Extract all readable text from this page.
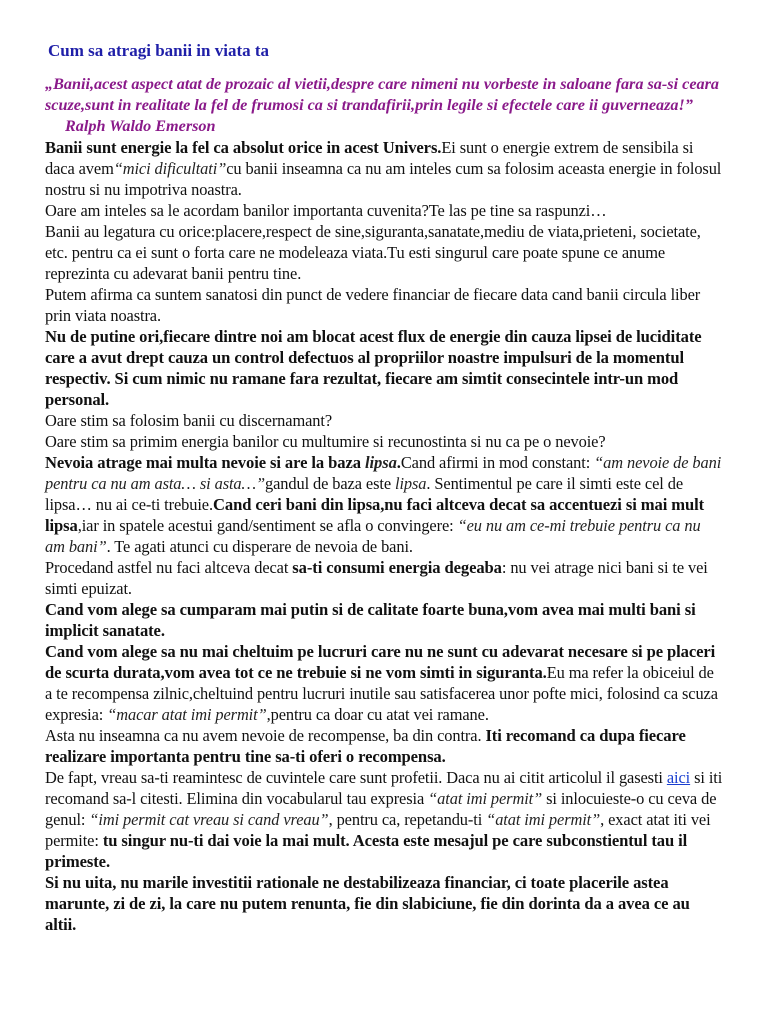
Cum sa atragi banii in viata ta

„Banii,acest aspect atat de prozaic al vietii,despre care nimeni nu vorbeste in saloane fara sa-si ceara scuze,sunt in realitate la fel de frumosi ca si trandafirii,prin legile si efectele care ii guverneaza!”

Ralph Waldo Emerson

Banii sunt energie la fel ca absolut orice in acest Univers.Ei sunt o energie extrem de sensibila si daca avem“mici dificultati”cu banii inseamna ca nu am inteles cum sa folosim aceasta energie in folosul nostru si nu impotriva noastra.

Oare am inteles sa le acordam banilor importanta cuvenita?Te las pe tine sa raspunzi…

Banii au legatura cu orice:placere,respect de sine,siguranta,sanatate,mediu de viata,prieteni, societate, etc. pentru ca ei sunt o forta care ne modeleaza viata.Tu esti singurul care poate spune ce anume reprezinta cu adevarat banii pentru tine.

Putem afirma ca suntem sanatosi din punct de vedere financiar de fiecare data cand banii circula liber prin viata noastra.

Nu de putine ori,fiecare dintre noi am blocat acest flux de energie din cauza lipsei de luciditate care a avut drept cauza un control defectuos al propriilor noastre impulsuri de la momentul respectiv. Si cum nimic nu ramane fara rezultat, fiecare am simtit consecintele intr-un mod personal.

Oare stim sa folosim banii cu discernamant?

Oare stim sa primim energia banilor cu multumire si recunostinta si nu ca pe o nevoie?

Nevoia atrage mai multa nevoie si are la baza lipsa.Cand afirmi in mod constant: “am nevoie de bani pentru ca nu am asta… si asta…”gandul de baza este lipsa. Sentimentul pe care il simti este cel de lipsa… nu ai ce-ti trebuie.Cand ceri bani din lipsa,nu faci altceva decat sa accentuezi si mai mult lipsa,iar in spatele acestui gand/sentiment se afla o convingere: “eu nu am ce-mi trebuie pentru ca nu am bani”. Te agati atunci cu disperare de nevoia de bani.

Procedand astfel nu faci altceva decat sa-ti consumi energia degeaba: nu vei atrage nici bani si te vei simti epuizat.

Cand vom alege sa cumparam mai putin si de calitate foarte buna,vom avea mai multi bani si implicit sanatate.

Cand vom alege sa nu mai cheltuim pe lucruri care nu ne sunt cu adevarat necesare si pe placeri de scurta durata,vom avea tot ce ne trebuie si ne vom simti in siguranta.Eu ma refer la obiceiul de a te recompensa zilnic,cheltuind pentru lucruri inutile sau satisfacerea unor pofte mici, folosind ca scuza expresia: “macar atat imi permit”,pentru ca doar cu atat vei ramane.

Asta nu inseamna ca nu avem nevoie de recompense, ba din contra. Iti recomand ca dupa fiecare realizare importanta pentru tine sa-ti oferi o recompensa.

De fapt, vreau sa-ti reamintesc de cuvintele care sunt profetii. Daca nu ai citit articolul il gasesti aici si iti recomand sa-l citesti. Elimina din vocabularul tau expresia “atat imi permit” si inlocuieste-o cu ceva de genul: “imi permit cat vreau si cand vreau”, pentru ca, repetandu-ti “atat imi permit”, exact atat iti vei permite: tu singur nu-ti dai voie la mai mult. Acesta este mesajul pe care subconstientul tau il primeste.

Si nu uita, nu marile investitii rationale ne destabilizeaza financiar, ci toate placerile astea marunte, zi de zi, la care nu putem renunta, fie din slabiciune, fie din dorinta da a avea ce au altii.
